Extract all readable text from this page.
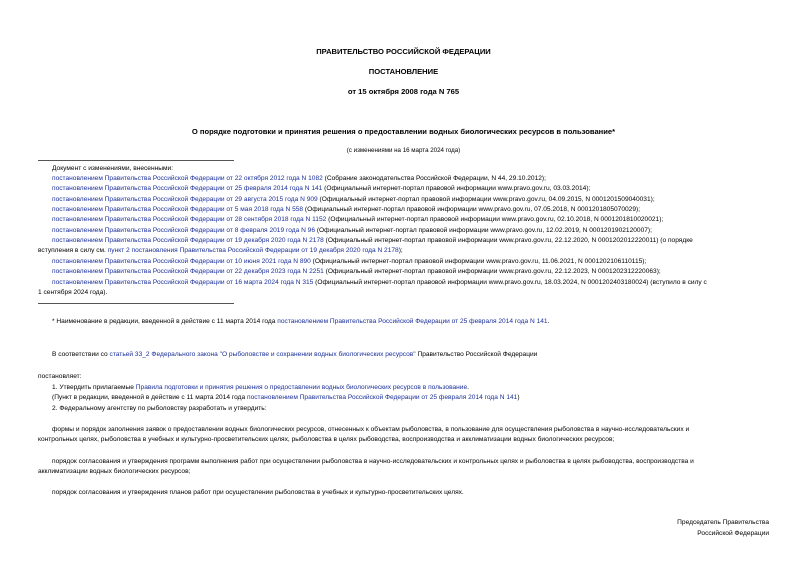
ПРАВИТЕЛЬСТВО РОССИЙСКОЙ ФЕДЕРАЦИИ
ПОСТАНОВЛЕНИЕ
от 15 октября 2008 года N 765
О порядке подготовки и принятия решения о предоставлении водных биологических ресурсов в пользование*
(с изменениями на 16 марта 2024 года)
Документ с изменениями, внесенными:
постановлением Правительства Российской Федерации от 22 октября 2012 года N 1082 (Собрание законодательства Российской Федерации, N 44, 29.10.2012);
постановлением Правительства Российской Федерации от 25 февраля 2014 года N 141 (Официальный интернет-портал правовой информации www.pravo.gov.ru, 03.03.2014);
постановлением Правительства Российской Федерации от 29 августа 2015 года N 909 (Официальный интернет-портал правовой информации www.pravo.gov.ru, 04.09.2015, N 0001201509040031);
постановлением Правительства Российской Федерации от 5 мая 2018 года N 558 (Официальный интернет-портал правовой информации www.pravo.gov.ru, 07.05.2018, N 0001201805070029);
постановлением Правительства Российской Федерации от 28 сентября 2018 года N 1152 (Официальный интернет-портал правовой информации www.pravo.gov.ru, 02.10.2018, N 0001201810020021);
постановлением Правительства Российской Федерации от 8 февраля 2019 года N 96 (Официальный интернет-портал правовой информации www.pravo.gov.ru, 12.02.2019, N 0001201902120007);
постановлением Правительства Российской Федерации от 19 декабря 2020 года N 2178 (Официальный интернет-портал правовой информации www.pravo.gov.ru, 22.12.2020, N 0001202012220011) (о порядке
вступления в силу см. пункт 2 постановления Правительства Российской Федерации от 19 декабря 2020 года N 2178);
постановлением Правительства Российской Федерации от 10 июня 2021 года N 890 (Официальный интернет-портал правовой информации www.pravo.gov.ru, 11.06.2021, N 0001202106110115);
постановлением Правительства Российской Федерации от 22 декабря 2023 года N 2251 (Официальный интернет-портал правовой информации www.pravo.gov.ru, 22.12.2023, N 0001202312220063);
постановлением Правительства Российской Федерации от 16 марта 2024 года N 315 (Официальный интернет-портал правовой информации www.pravo.gov.ru, 18.03.2024, N 0001202403180024) (вступило в силу с
1 сентября 2024 года).
* Наименование в редакции, введенной в действие с 11 марта 2014 года постановлением Правительства Российской Федерации от 25 февраля 2014 года N 141.
В соответствии со статьей 33_2 Федерального закона "О рыболовстве и сохранении водных биологических ресурсов" Правительство Российской Федерации
постановляет:
1. Утвердить прилагаемые Правила подготовки и принятия решения о предоставлении водных биологических ресурсов в пользование.
(Пункт в редакции, введенной в действие с 11 марта 2014 года постановлением Правительства Российской Федерации от 25 февраля 2014 года N 141)
2. Федеральному агентству по рыболовству разработать и утвердить:
формы и порядок заполнения заявок о предоставлении водных биологических ресурсов, отнесенных к объектам рыболовства, в пользование для осуществления рыболовства в научно-исследовательских и
контрольных целях, рыболовства в учебных и культурно-просветительских целях, рыболовства в целях рыбоводства, воспроизводства и акклиматизации водных биологических ресурсов;
порядок согласования и утверждения программ выполнения работ при осуществлении рыболовства в научно-исследовательских и контрольных целях и рыболовства в целях рыбоводства, воспроизводства и
акклиматизации водных биологических ресурсов;
порядок согласования и утверждения планов работ при осуществлении рыболовства в учебных и культурно-просветительских целях.
Председатель Правительства
Российской Федерации
